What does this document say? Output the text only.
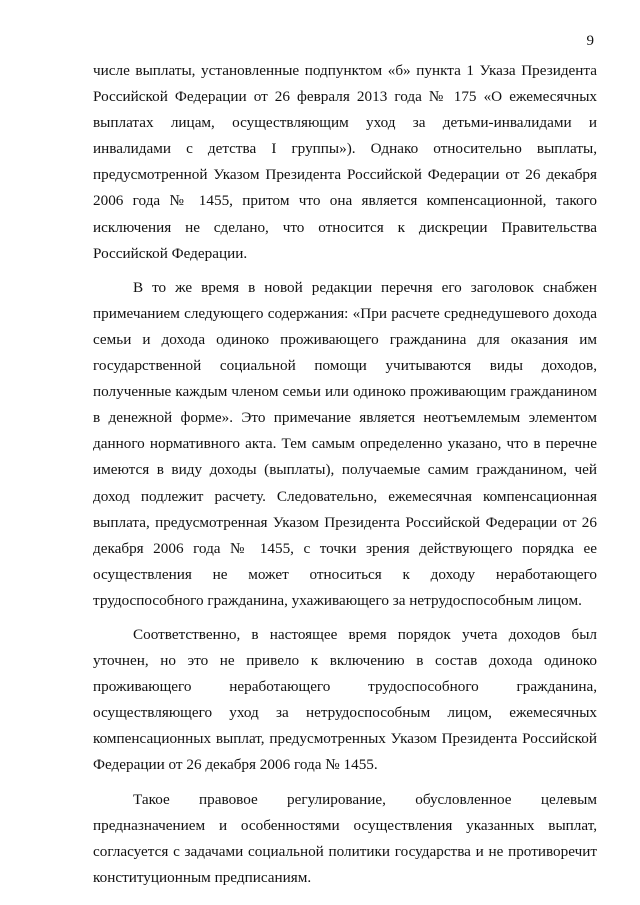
9

числе выплаты, установленные подпунктом «б» пункта 1 Указа Президента Российской Федерации от 26 февраля 2013 года № 175 «О ежемесячных выплатах лицам, осуществляющим уход за детьми-инвалидами и инвалидами с детства I группы»). Однако относительно выплаты, предусмотренной Указом Президента Российской Федерации от 26 декабря 2006 года № 1455, притом что она является компенсационной, такого исключения не сделано, что относится к дискреции Правительства Российской Федерации.

В то же время в новой редакции перечня его заголовок снабжен примечанием следующего содержания: «При расчете среднедушевого дохода семьи и дохода одиноко проживающего гражданина для оказания им государственной социальной помощи учитываются виды доходов, полученные каждым членом семьи или одиноко проживающим гражданином в денежной форме». Это примечание является неотъемлемым элементом данного нормативного акта. Тем самым определенно указано, что в перечне имеются в виду доходы (выплаты), получаемые самим гражданином, чей доход подлежит расчету. Следовательно, ежемесячная компенсационная выплата, предусмотренная Указом Президента Российской Федерации от 26 декабря 2006 года № 1455, с точки зрения действующего порядка ее осуществления не может относиться к доходу неработающего трудоспособного гражданина, ухаживающего за нетрудоспособным лицом.

Соответственно, в настоящее время порядок учета доходов был уточнен, но это не привело к включению в состав дохода одиноко проживающего неработающего трудоспособного гражданина, осуществляющего уход за нетрудоспособным лицом, ежемесячных компенсационных выплат, предусмотренных Указом Президента Российской Федерации от 26 декабря 2006 года № 1455.

Такое правовое регулирование, обусловленное целевым предназначением и особенностями осуществления указанных выплат, согласуется с задачами социальной политики государства и не противоречит конституционным предписаниям.
